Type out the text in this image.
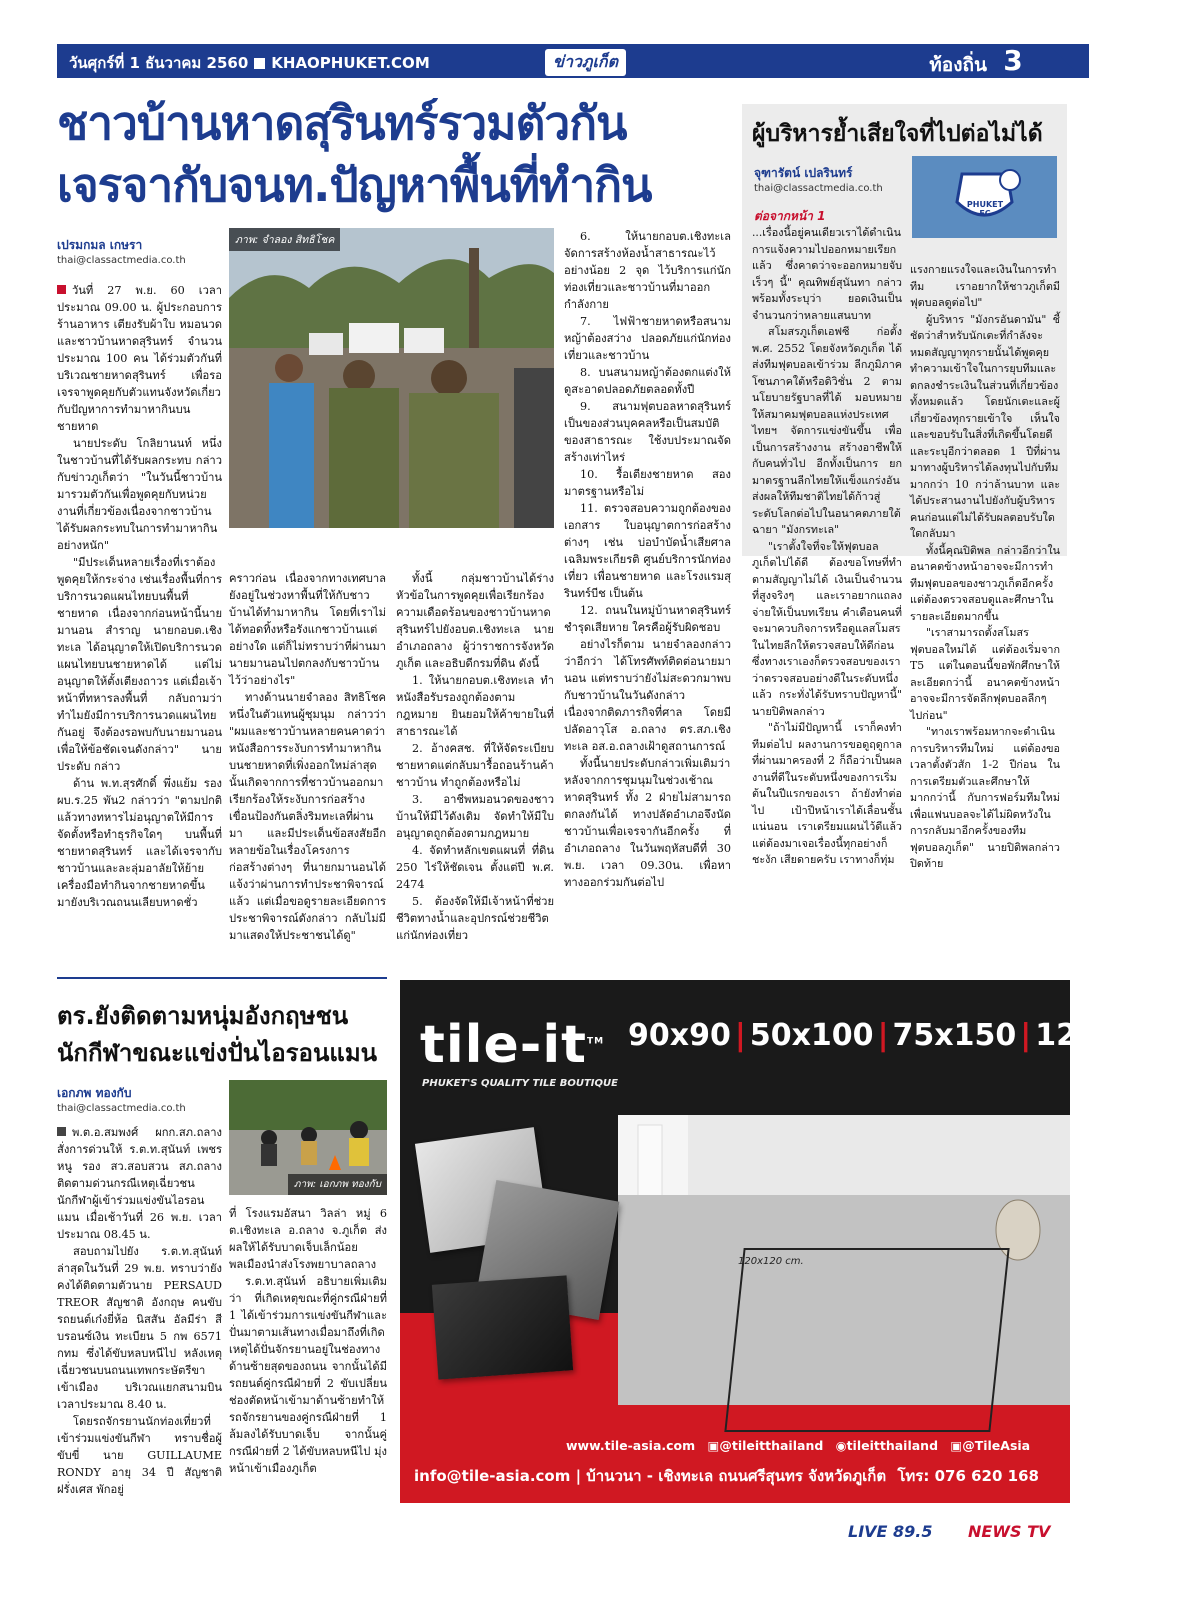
วันศุกร์ที่ 1 ธันวาคม 2560 KHAOPHUKET.COM	ข่าวภูเก็ต	ท้องถิ่น 3
ชาวบ้านหาดสุรินทร์รวมตัวกัน
เจรจากับจนท.ปัญหาพื้นที่ทำกิน
เปรมกมล เกษรา
thai@classactmedia.co.th

วันที่ 27 พ.ย. 60 เวลาประมาณ 09.00 น. ผู้ประกอบการร้านอาหาร เตียงรับผ้าใบ หมอนวด และชาวบ้านหาดสุรินทร์ จำนวนประมาณ 100 คน ได้ร่วมตัวกันที่บริเวณชายหาดสุรินทร์ เพื่อรอเจรจาพูดคุยกับตัวแทนจังหวัดเกี่ยวกับปัญหาการทำมาหากินบนชายหาด

นายประดับ โกลิยานนท์ หนึ่งในชาวบ้านที่ได้รับผลกระทบ กล่าวกับข่าวภูเก็ตว่า "ในวันนี้ชาวบ้านมารวมตัวกันเพื่อพูดคุยกับหน่วยงานที่เกี่ยวข้องเนื่องจากชาวบ้านได้รับผลกระทบในการทำมาหากินอย่างหนัก"

"มีประเด็นหลายเรื่องที่เราต้องพูดคุยให้กระจ่าง เช่นเรื่องพื้นที่การบริการนวดแผนไทยบนพื้นที่ชายหาด เนื่องจากก่อนหน้านี้นายมานอน สำราญ นายกอบต.เชิงทะเล ได้อนุญาตให้เปิดบริการนวดแผนไทยบนชายหาดได้ แต่ไม่อนุญาตให้ตั้งเตียงถาวร แต่เมื่อเจ้าหน้าที่ทหารลงพื้นที่ กลับถามว่าทำไมยังมีการบริการนวดแผนไทยกันอยู่ จึงต้องรอพบกับนายมานอนเพื่อให้ข้อชัดเจนดังกล่าว" นายประดับ กล่าว

ด้าน พ.ท.สุรศักดิ์ พึ่งแย้ม รอง ผบ.ร.25 พัน2 กล่าวว่า "ตามปกติแล้วทางทหารไม่อนุญาตให้มีการจัดตั้งหรือทำธุรกิจใดๆ บนพื้นที่ชายหาดสุรินทร์ และได้เจรจากับชาวบ้านและละลุ่มอาลัยให้ย้ายเครื่องมือทำกินจากชายหาดขึ้นมายังบริเวณถนนเลียบหาดชั่ว

ภาพ: จำลอง สิทธิโชค

คราวก่อน เนื่องจากทางเทศบาลยังอยู่ในช่วงหาพื้นที่ให้กับชาวบ้านได้ทำมาหากิน โดยที่เราไม่ได้ทอดทิ้งหรือรังแกชาวบ้านแต่อย่างใด แต่ก็ไม่ทราบว่าที่ผ่านมานายมานอนไปตกลงกับชาวบ้านไว้ว่าอย่างไร"

ทางด้านนายจำลอง สิทธิโชค หนึ่งในตัวแทนผู้ชุมนุม กล่าวว่า "ผมและชาวบ้านหลายคนคาดว่าหนังสือการระงับการทำมาหากินบนชายหาดที่เพิ่งออกใหม่ล่าสุดนั้นเกิดจากการที่ชาวบ้านออกมาเรียกร้องให้ระงับการก่อสร้างเขื่อนป้องกันตลิ่งริมทะเลที่ผ่านมา และมีประเด็นข้อสงสัยอีกหลายข้อในเรื่องโครงการก่อสร้างต่างๆ ที่นายกมานอนได้แจ้งว่าผ่านการทำประชาพิจารณ์แล้ว แต่เมื่อขอดูรายละเอียดการประชาพิจารณ์ดังกล่าว กลับไม่มีมาแสดงให้ประชาชนได้ดู"

ทั้งนี้ กลุ่มชาวบ้านได้ร่างหัวข้อในการพูดคุยเพื่อเรียกร้องความเดือดร้อนของชาวบ้านหาดสุรินทร์ไปยังอบต.เชิงทะเล นายอำเภอถลาง ผู้ว่าราชการจังหวัดภูเก็ต และอธิบดีกรมที่ดิน ดังนี้

1. ให้นายกอบต.เชิงทะเล ทำหนังสือรับรองถูกต้องตามกฎหมาย ยินยอมให้ค้าขายในที่สาธารณะได้

2. อ้างคสช. ที่ให้จัดระเบียบชายหาดแต่กลับมารื้อถอนร้านค้าชาวบ้าน ทำถูกต้องหรือไม่

3. อาชีพหมอนวดของชาวบ้านให้มีไว้ดังเดิม จัดทำให้มีใบอนุญาตถูกต้องตามกฎหมาย

4. จัดทำหลักเขตแผนที่ ที่ดิน 250 ไร่ให้ชัดเจน ตั้งแต่ปี พ.ศ. 2474

5. ต้องจัดให้มีเจ้าหน้าที่ช่วยชีวิตทางน้ำและอุปกรณ์ช่วยชีวิตแก่นักท่องเที่ยว

6. ให้นายกอบต.เชิงทะเล จัดการสร้างห้องน้ำสาธารณะไว้อย่างน้อย 2 จุด ไว้บริการแก่นักท่องเที่ยวและชาวบ้านที่มาออกกำลังกาย

7. ไฟฟ้าชายหาดหรือสนามหญ้าต้องสว่าง ปลอดภัยแก่นักท่องเที่ยวและชาวบ้าน

8. บนสนามหญ้าต้องตกแต่งให้ดูสะอาดปลอดภัยตลอดทั้งปี

9. สนามฟุตบอลหาดสุรินทร์เป็นของส่วนบุคคลหรือเป็นสมบัติของสาธารณะ ใช้งบประมาณจัดสร้างเท่าไหร่

10. รื้อเตียงชายหาด สองมาตรฐานหรือไม่

11. ตรวจสอบความถูกต้องของเอกสาร ใบอนุญาตการก่อสร้างต่างๆ เช่น บ่อบำบัดน้ำเสียศาลเฉลิมพระเกียรติ ศูนย์บริการนักท่องเที่ยว เพื่อนชายหาด และโรงแรมสุรินทร์บีช เป็นต้น

12. ถนนในหมู่บ้านหาดสุรินทร์ ชำรุดเสียหาย ใครคือผู้รับผิดชอบ

อย่างไรก็ตาม นายจำลองกล่าวว่าอีกว่า ได้โทรศัพท์ติดต่อนายมานอน แต่ทราบว่ายังไม่สะดวกมาพบกับชาวบ้านในวันดังกล่าว เนื่องจากติดภารกิจที่ศาล โดยมีปลัดอาวุโส อ.ถลาง ตร.สภ.เชิงทะเล อส.อ.ถลางเฝ้าดูสถานการณ์

ทั้งนี้นายประดับกล่าวเพิ่มเติมว่า หลังจากการชุมนุมในช่วงเช้าณ หาดสุรินทร์ ทั้ง 2 ฝ่ายไม่สามารถตกลงกันได้ ทางปลัดอำเภอจึงนัดชาวบ้านเพื่อเจรจากันอีกครั้ง ที่อำเภอถลาง ในวันพฤหัสบดีที่ 30 พ.ย. เวลา 09.30น. เพื่อหาทางออกร่วมกันต่อไป

ผู้บริหารย้ำเสียใจที่ไปต่อไม่ได้
จุฑารัตน์ เปลรินทร์
thai@classactmedia.co.th
PHUKET FC
ต่อจากหน้า 1

...เรื่องนี้อยู่คนเดียวเราได้ดำเนินการแจ้งความไปออกหมายเรียกแล้ว ซึ่งคาดว่าจะออกหมายจับเร็วๆ นี้" คุณทิพย์สุนันทา กล่าว พร้อมทั้งระบุว่า ยอดเงินเป็นจำนวนกว่าหลายแสนบาท

สโมสรภูเก็ตเอฟซี ก่อตั้ง พ.ศ. 2552 โดยจังหวัดภูเก็ต ได้ส่งทีมฟุตบอลเข้าร่วม ลีกภูมิภาคโซนภาคใต้หรือดิวิชั่น 2 ตามนโยบายรัฐบาลที่ได้ มอบหมายให้สมาคมฟุตบอลแห่งประเทศไทยฯ จัดการแข่งขันขึ้น เพื่อเป็นการสร้างงาน สร้างอาชีพให้กับคนทั่วไป อีกทั้งเป็นการ ยกมาตรฐานลีกไทยให้แข็งแกร่งอันส่งผลให้ทีมชาติไทยได้ก้าวสู่ระดับโลกต่อไปในอนาคตภายใต้ฉายา "มังกรทะเล"

"เราตั้งใจที่จะให้ฟุตบอลภูเก็ตไปได้ดี ต้องขอโทษที่ทำตามสัญญาไม่ได้ เงินเป็นจำนวนที่สูงจริงๆ และเราอยากแถลงจ่ายให้เป็นบทเรียน คำเตือนคนที่จะมาควบกิจการหรือดูแลสโมสรในไทยลีกให้ตรวจสอบให้ดีก่อน ซึ่งทางเราเองก็ตรวจสอบของเราว่าตรวจสอบอย่างดีในระดับหนึ่งแล้ว กระทั่งได้รับทราบปัญหานี้" นายปิติพลกล่าว

"ถ้าไม่มีปัญหานี้ เราก็คงทำทีมต่อไป ผลงานการขอดูฤดูกาลที่ผ่านมาครองที่ 2 ก็ถือว่าเป็นผลงานที่ดีในระดับหนึ่งของการเริ่มต้นในปีแรกของเรา ถ้ายังทำต่อไป เป้าปีหน้าเราได้เลื่อนชั้นแน่นอน เราเตรียมแผนไว้ดีแล้ว แต่ต้องมาเจอเรื่องนี้ทุกอย่างก็ชะงัก เสียดายครับ เราทางก็ทุ่ม

แรงกายแรงใจและเงินในการทำทีม เราอยากให้ชาวภูเก็ตมีฟุตบอลดูต่อไป"

ผู้บริหาร "มังกรอันดามัน" ชี้ชัดว่าสำหรับนักเตะที่กำลังจะหมดสัญญาทุกรายนั้นได้พูดคุยทำความเข้าใจในการยุบทีมและตกลงชำระเงินในส่วนที่เกี่ยวข้องทั้งหมดแล้ว โดยนักเตะและผู้เกี่ยวข้องทุกรายเข้าใจ เห็นใจและขอบรับในสิ่งที่เกิดขึ้นโดยดีและระบุอีกว่าตลอด 1 ปีที่ผ่านมาทางผู้บริหารได้ลงทุนไปกับทีม มากกว่า 10 กว่าล้านบาท และได้ประสานงานไปยังกับผู้บริหารคนก่อนแต่ไม่ได้รับผลตอบรับใดใดกลับมา

ทั้งนี้คุณปิติพล กล่าวอีกว่าในอนาคตข้างหน้าอาจจะมีการทำทีมฟุตบอลของชาวภูเก็ตอีกครั้ง แต่ต้องตรวจสอบดูและศึกษาในรายละเอียดมากขึ้น

"เราสามารถตั้งสโมสรฟุตบอลใหม่ได้ แต่ต้องเริ่มจาก T5 แต่ในตอนนี้ขอพักศึกษาให้ละเอียดกว่านี้ อนาคตข้างหน้าอาจจะมีการจัดลีกฟุตบอลลีกๆ ไปก่อน"

"ทางเราพร้อมหากจะดำเนินการบริหารทีมใหม่ แต่ต้องขอเวลาตั้งตัวสัก 1-2 ปีก่อน ในการเตรียมตัวและศึกษาให้มากกว่านี้ กับการฟอร์มทีมใหม่เพื่อแฟนบอลจะได้ไม่ผิดหวังในการกลับมาอีกครั้งของทีมฟุตบอลภูเก็ต" นายปิติพลกล่าวปิดท้าย

ตร.ยังติดตามหนุ่มอังกฤษชน
นักกีฬาขณะแข่งปั่นไอรอนแมน
เอกภพ ทองกับ
thai@classactmedia.co.th
ภาพ: เอกภพ ทองกับ

พ.ต.อ.สมพงศ์ ผกก.สภ.ถลาง สั่งการด่วนให้ ร.ต.ท.สุนันท์ เพชรหนู รอง สว.สอบสวน สภ.ถลาง ติดตามด่วนกรณีเหตุเฉี่ยวชนนักกีฬาผู้เข้าร่วมแข่งขันไอรอนแมน เมื่อเช้าวันที่ 26 พ.ย. เวลาประมาณ 08.45 น.

สอบถามไปยัง ร.ต.ท.สุนันท์ ล่าสุดในวันที่ 29 พ.ย. ทราบว่ายังคงได้ติดตามตัวนาย PERSAUD TREOR สัญชาติ อังกฤษ คนขับรถยนต์เก๋งยี่ห้อ นิสสัน อัลมีร่า สีบรอนซ์เงิน ทะเบียน 5 กพ 6571 กทม ซึ่งได้ขับหลบหนีไป หลังเหตุเฉี่ยวชนบนถนนเทพกระษัตรีขาเข้าเมือง บริเวณแยกสนามบิน เวลาประมาณ 8.40 น.

โดยรถจักรยานนักท่องเที่ยวที่เข้าร่วมแข่งขันกีฬา ทราบชื่อผู้ขับขี่ นาย GUILLAUME RONDY อายุ 34 ปี สัญชาติฝรั่งเศส พักอยู่

ที่ โรงแรมอัสนา วิลล่า หมู่ 6 ต.เชิงทะเล อ.ถลาง จ.ภูเก็ต ส่งผลให้ได้รับบาดเจ็บเล็กน้อยพลเมืองนำส่งโรงพยาบาลถลาง

ร.ต.ท.สุนันท์ อธิบายเพิ่มเติมว่า ที่เกิดเหตุขณะที่คู่กรณีฝ่ายที่ 1 ได้เข้าร่วมการแข่งขันกีฬาและปั่นมาตามเส้นทางเมื่อมาถึงที่เกิดเหตุได้ปั่นจักรยานอยู่ในช่องทางด้านซ้ายสุดของถนน จากนั้นได้มีรถยนต์คู่กรณีฝ่ายที่ 2 ขับเปลี่ยนช่องตัดหน้าเข้ามาด้านซ้ายทำให้รถจักรยานของคู่กรณีฝ่ายที่ 1 ล้มลงได้รับบาดเจ็บ จากนั้นคู่กรณีฝ่ายที่ 2 ได้ขับหลบหนีไป มุ่งหน้าเข้าเมืองภูเก็ต

120x120 cm.
tile-it™
PHUKET'S QUALITY TILE BOUTIQUE
90x90 | 50x100 | 75x150 | 120x120
www.tile-asia.com ▣@tileitthailand ◉tileitthailand ▣@TileAsia
info@tile-asia.com | บ้านวนา - เชิงทะเล ถนนศรีสุนทร จังหวัดภูเก็ต โทร: 076 620 168
LIVE 89.5 NEWS TV
